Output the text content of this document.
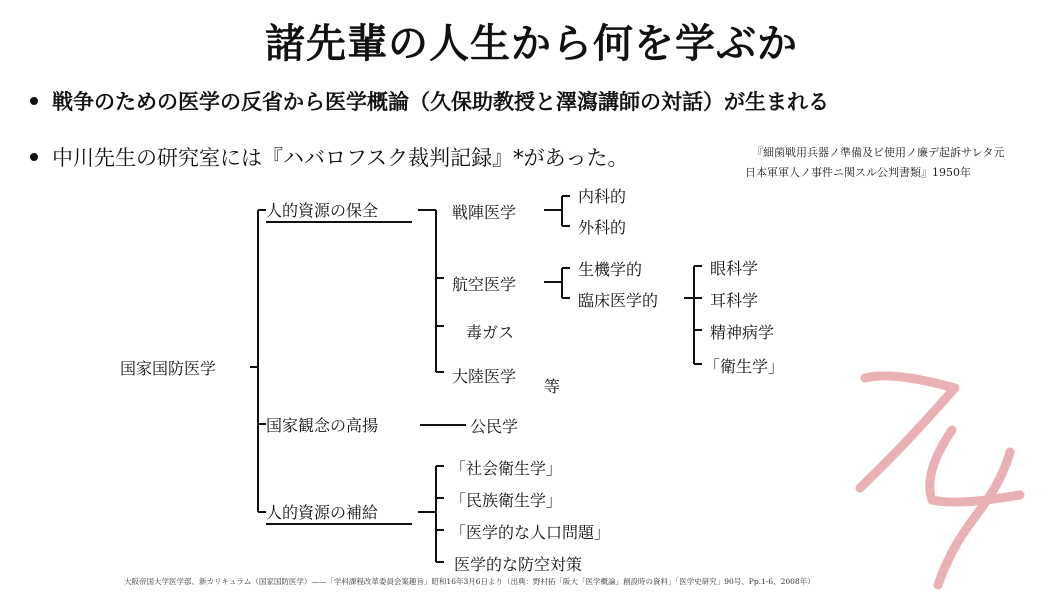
諸先輩の人生から何を学ぶか
戦争のための医学の反省から医学概論（久保助教授と澤瀉講師の対話）が生まれる
中川先生の研究室には『ハバロフスク裁判記録』*があった。	『細菌戦用兵器ノ準備及ビ使用ノ廉デ起訴サレタ元
日本軍軍人ノ事件ニ関スル公判書類』1950年
国家国防医学
人的資源の保全
国家観念の高揚
人的資源の補給
戦陣医学
航空医学
毒ガス
大陸医学
等
内科的
外科的
生機学的
臨床医学的
眼科学
耳科学
精神病学
「衛生学」
公民学
「社会衛生学」
「民族衛生学」
「医学的な人口問題」
医学的な防空対策
大阪帝国大学医学部、新カリキュラム（国家国防医学）——「学科課程改革委員会案趣旨」昭和16年3月6日より（出典：野村拓「阪大「医学概論」創設時の資料」「医学史研究」90号、Pp.1-6、2008年）
